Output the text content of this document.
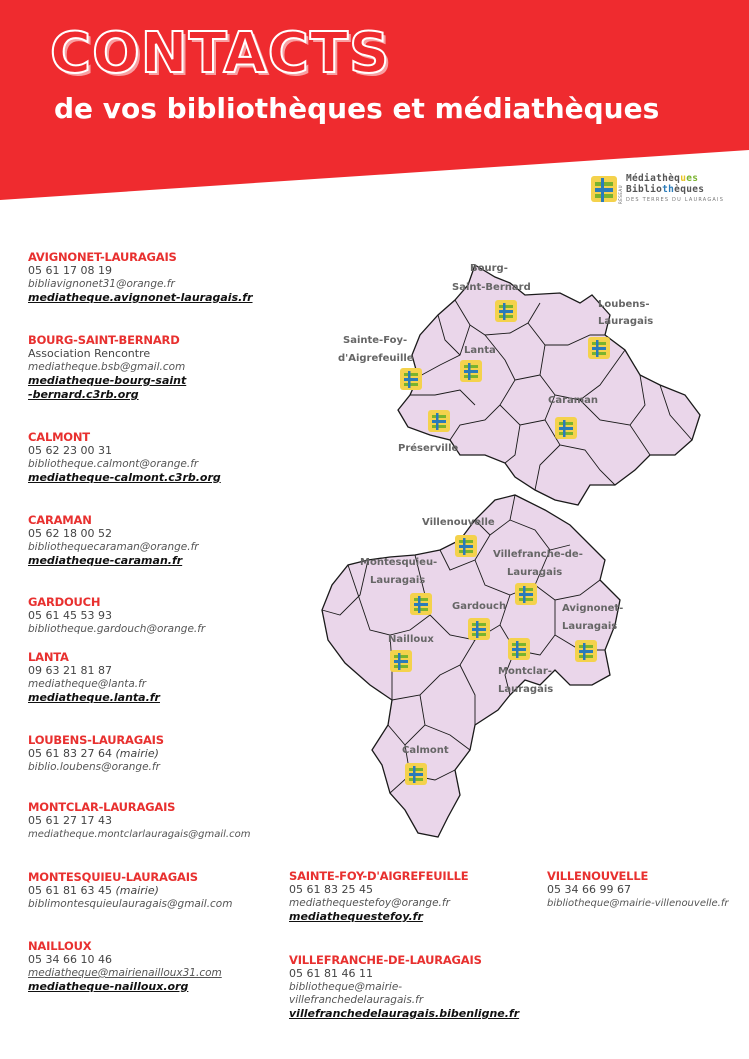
CONTACTS
de vos bibliothèques et médiathèques
RÉSEAU
Médiathèques
Bibliothèques
DES TERRES DU LAURAGAIS
AVIGNONET-LAURAGAIS
05 61 17 08 19
bibliavignonet31@orange.fr
mediatheque.avignonet-lauragais.fr
BOURG-SAINT-BERNARD
Association Rencontre
mediatheque.bsb@gmail.com
mediatheque-bourg-saint-bernard.c3rb.org
CALMONT
05 62 23 00 31
bibliotheque.calmont@orange.fr
mediatheque-calmont.c3rb.org
CARAMAN
05 62 18 00 52
bibliothequecaraman@orange.fr
mediatheque-caraman.fr
GARDOUCH
05 61 45 53 93
bibliotheque.gardouch@orange.fr
LANTA
09 63 21 81 87
mediatheque@lanta.fr
mediatheque.lanta.fr
LOUBENS-LAURAGAIS
05 61 83 27 64 (mairie)
biblio.loubens@orange.fr
MONTCLAR-LAURAGAIS
05 61 27 17 43
mediatheque.montclarlauragais@gmail.com
MONTESQUIEU-LAURAGAIS
05 61 81 63 45 (mairie)
biblimontesquieulauragais@gmail.com
NAILLOUX
05 34 66 10 46
mediatheque@mairienailloux31.com
mediatheque-nailloux.org
SAINTE-FOY-D'AIGREFEUILLE
05 61 83 25 45
mediathequestefoy@orange.fr
mediathequestefoy.fr
VILLEFRANCHE-DE-LAURAGAIS
05 61 81 46 11
bibliotheque@mairie-
villefranchedelauragais.fr
villefranchedelauragais.bibenligne.fr
VILLENOUVELLE
05 34 66 99 67
bibliotheque@mairie-villenouvelle.fr
Bourg-
Saint-Bernard
Loubens-
Lauragais
Sainte-Foy-
d'Aigrefeuille
Lanta
Caraman
Préserville
Villenouvelle
Villefranche-de-
Lauragais
Montesquieu-
Lauragais
Gardouch	Avignonet-
Lauragais
Nailloux
Montclar-
Lauragais
Calmont
